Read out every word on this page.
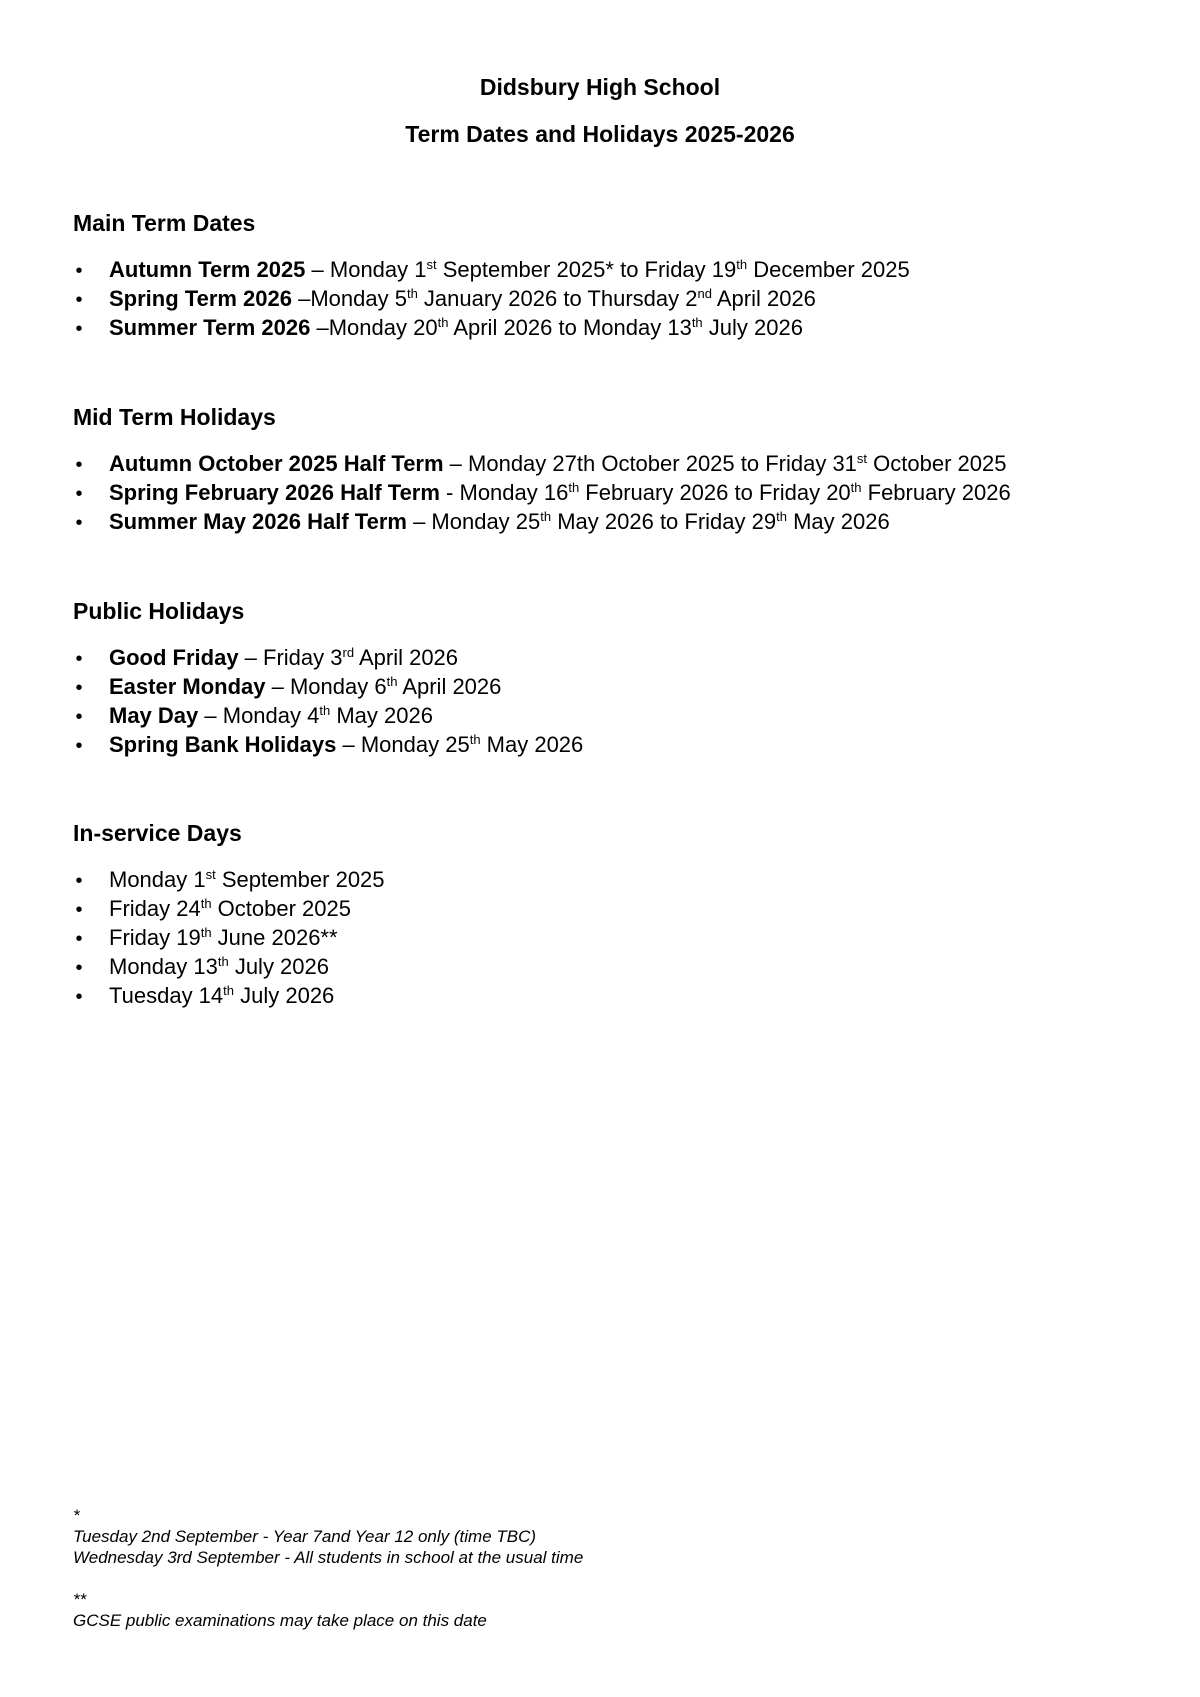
Didsbury High School
Term Dates and Holidays 2025-2026
Main Term Dates
•
Autumn Term 2025 – Monday 1st September 2025* to Friday 19th December 2025
•
Spring Term 2026 –Monday 5th January 2026 to Thursday 2nd April 2026
•
Summer Term 2026 –Monday 20th April 2026 to Monday 13th July 2026
Mid Term Holidays
•
Autumn October 2025 Half Term – Monday 27th October 2025 to Friday 31st October 2025
•
Spring February 2026 Half Term - Monday 16th February 2026 to Friday 20th February 2026
•
Summer May 2026 Half Term – Monday 25th May 2026 to Friday 29th May 2026
Public Holidays
•
Good Friday – Friday 3rd April 2026
•
Easter Monday – Monday 6th April 2026
•
May Day – Monday 4th May 2026
•
Spring Bank Holidays – Monday 25th May 2026
In-service Days
•
Monday 1st September 2025
•
Friday 24th October 2025
•
Friday 19th June 2026**
•
Monday 13th July 2026
•
Tuesday 14th July 2026

*

Tuesday 2nd September - Year 7and Year 12 only (time TBC)

Wednesday 3rd September - All students in school at the usual time

**

GCSE public examinations may take place on this date
